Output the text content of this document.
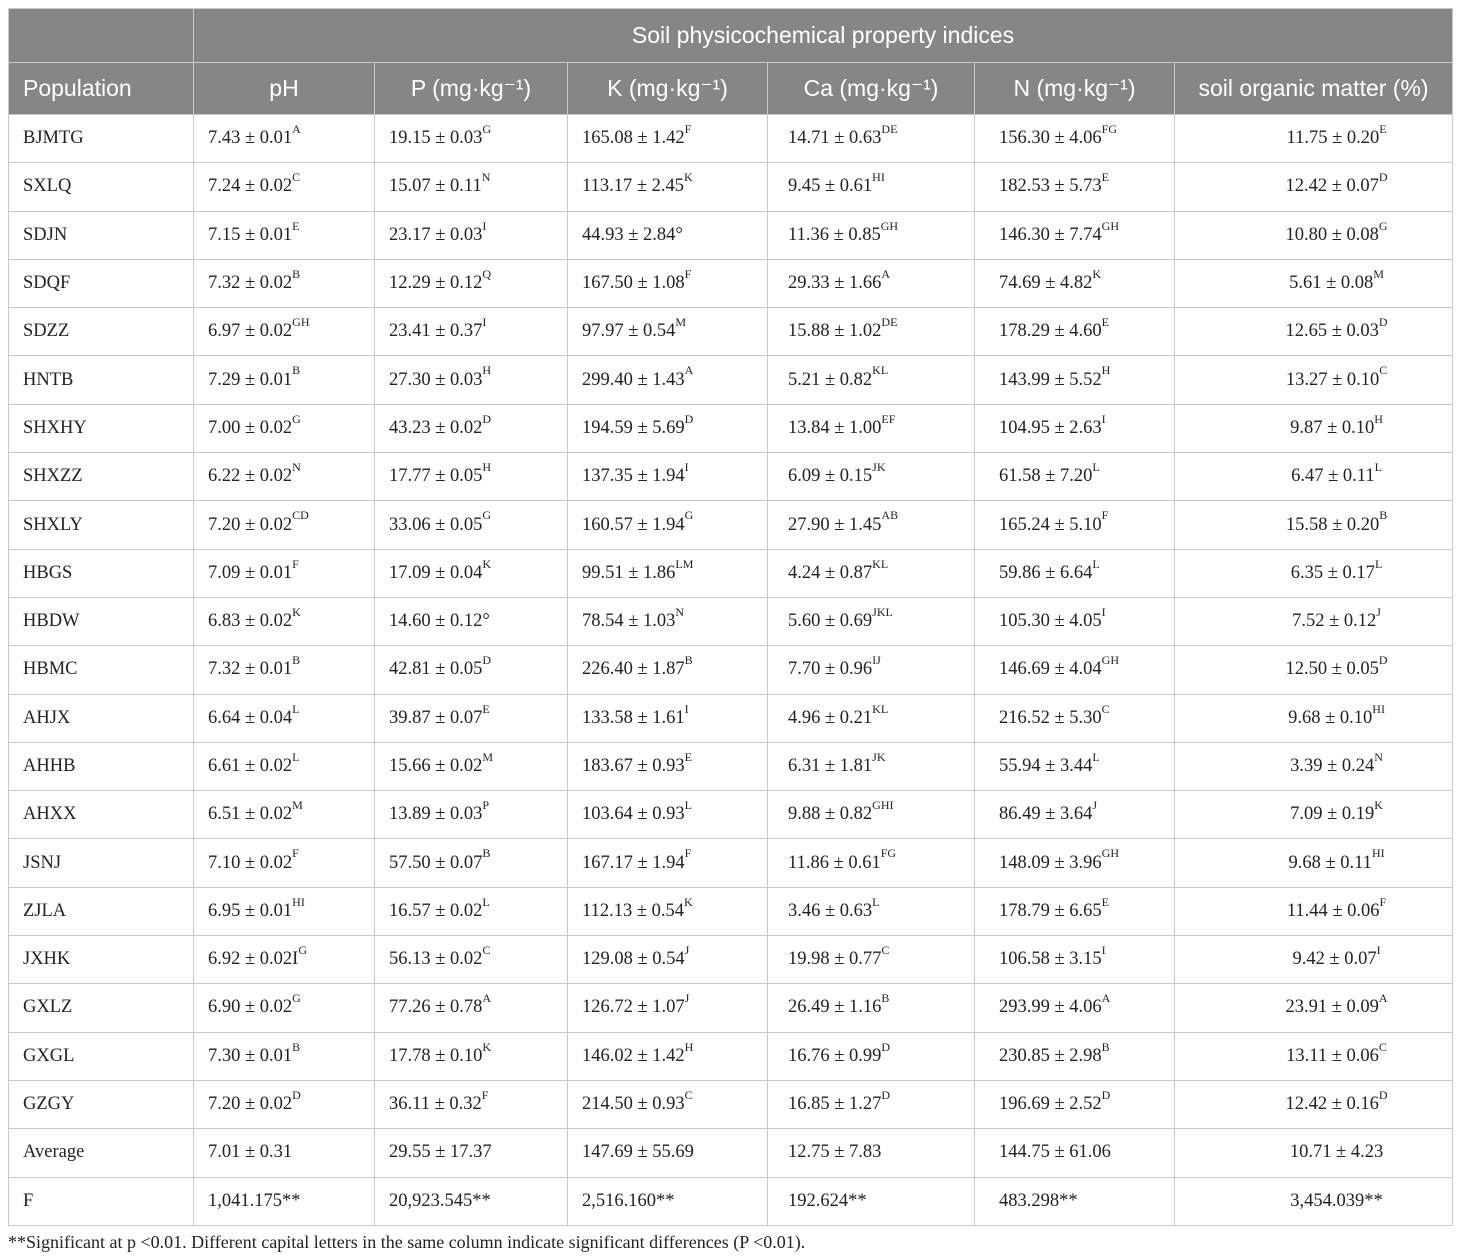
	Soil physicochemical property indices					
Population	pH	P (mg·kg⁻¹)	K (mg·kg⁻¹)	Ca (mg·kg⁻¹)	N (mg·kg⁻¹)	soil organic matter (%)
BJMTG	$7.43 \pm 0.01^A$	$19.15 \pm 0.03^G$	$165.08 \pm 1.42^F$	14.71 ± 0.63DE	$156.30 \pm 4.06^{FG}$	$11.75 \pm 0.20^E$
SXLQ	$7.24 \pm 0.02^C$	$15.07 \pm 0.11^N$	$113.17 \pm 2.45^K$	$9.45 \pm 0.61^{HI}$	$182.53 \pm 5.73^E$	$12.42 \pm 0.07^D$
SDJN	$7.15 \pm 0.01^E$	$23.17 \pm 0.03^I$	44.93 ± 2.84°	$11.36 \pm 0.85^{GH}$	$146.30 \pm 7.74^{GH}$	$10.80 \pm 0.08^G$
SDQF	$7.32 \pm 0.02^B$	$12.29 \pm 0.12^Q$	$167.50 \pm 1.08^F$	$29.33 \pm 1.66^A$	$74.69 \pm 4.82^K$	$5.61 \pm 0.08^M$
SDZZ	$6.97 \pm 0.02^{GH}$	$23.41 \pm 0.37^I$	$97.97 \pm 0.54^M$	15.88 ± 1.02DE	$178.29 \pm 4.60^E$	$12.65 \pm 0.03^D$
HNTB	$7.29 \pm 0.01^B$	$27.30 \pm 0.03^H$	$299.40 \pm 1.43^A$	$5.21 \pm 0.82^{KL}$	$143.99 \pm 5.52^H$	$13.27 \pm 0.10^C$
SHXHY	$7.00 \pm 0.02^G$	$43.23 \pm 0.02^D$	$194.59 \pm 5.69^D$	$13.84 \pm 1.00^{EF}$	$104.95 \pm 2.63^I$	$9.87 \pm 0.10^H$
SHXZZ	$6.22 \pm 0.02^N$	$17.77 \pm 0.05^H$	$137.35 \pm 1.94^I$	$6.09 \pm 0.15^{JK}$	$61.58 \pm 7.20^L$	$6.47 \pm 0.11^L$
SHXLY	$7.20 \pm 0.02^{CD}$	$33.06 \pm 0.05^G$	$160.57 \pm 1.94^G$	$27.90 \pm 1.45^{AB}$	$165.24 \pm 5.10^F$	$15.58 \pm 0.20^B$
HBGS	$7.09 \pm 0.01^F$	$17.09 \pm 0.04^K$	$99.51 \pm 1.86^{LM}$	$4.24 \pm 0.87^{KL}$	$59.86 \pm 6.64^L$	$6.35 \pm 0.17^L$
HBDW	$6.83 \pm 0.02^K$	14.60 ± 0.12°	$78.54 \pm 1.03^N$	$5.60 \pm 0.69^{JKL}$	$105.30 \pm 4.05^I$	$7.52 \pm 0.12^J$
HBMC	$7.32 \pm 0.01^B$	$42.81 \pm 0.05^D$	$226.40 \pm 1.87^B$	$7.70 \pm 0.96^{IJ}$	$146.69 \pm 4.04^{GH}$	$12.50 \pm 0.05^D$
AHJX	$6.64 \pm 0.04^L$	$39.87 \pm 0.07^E$	$133.58 \pm 1.61^I$	$4.96 \pm 0.21^{KL}$	$216.52 \pm 5.30^C$	$9.68 \pm 0.10^{HI}$
AHHB	$6.61 \pm 0.02^L$	$15.66 \pm 0.02^M$	$183.67 \pm 0.93^E$	$6.31 \pm 1.81^{JK}$	$55.94 \pm 3.44^L$	$3.39 \pm 0.24^N$
AHXX	$6.51 \pm 0.02^M$	$13.89 \pm 0.03^P$	$103.64 \pm 0.93^L$	$9.88 \pm 0.82^{GHI}$	$86.49 \pm 3.64^J$	$7.09 \pm 0.19^K$
JSNJ	$7.10 \pm 0.02^F$	$57.50 \pm 0.07^B$	$167.17 \pm 1.94^F$	$11.86 \pm 0.61^{FG}$	$148.09 \pm 3.96^{GH}$	$9.68 \pm 0.11^{HI}$
ZJLA	$6.95 \pm 0.01^{HI}$	$16.57 \pm 0.02^L$	$112.13 \pm 0.54^K$	$3.46 \pm 0.63^L$	$178.79 \pm 6.65^E$	$11.44 \pm 0.06^F$
JXHK	$6.92 \pm 0.02I^G$	$56.13 \pm 0.02^C$	$129.08 \pm 0.54^J$	$19.98 \pm 0.77^C$	$106.58 \pm 3.15^I$	$9.42 \pm 0.07^I$
GXLZ	$6.90 \pm 0.02^G$	$77.26 \pm 0.78^A$	$126.72 \pm 1.07^J$	$26.49 \pm 1.16^B$	$293.99 \pm 4.06^A$	$23.91 \pm 0.09^A$
GXGL	$7.30 \pm 0.01^B$	$17.78 \pm 0.10^K$	$146.02 \pm 1.42^H$	$16.76 \pm 0.99^D$	$230.85 \pm 2.98^B$	$13.11 \pm 0.06^C$
GZGY	$7.20 \pm 0.02^D$	$36.11 \pm 0.32^F$	$214.50 \pm 0.93^C$	$16.85 \pm 1.27^D$	$196.69 \pm 2.52^D$	$12.42 \pm 0.16^D$
Average	7.01 ± 0.31	29.55 ± 17.37	147.69 ± 55.69	12.75 ± 7.83	144.75 ± 61.06	10.71 ± 4.23
F	1,041.175**	20,923.545**	2,516.160**	192.624**	483.298**	3,454.039**
**Significant at p <0.01. Different capital letters in the same column indicate significant differences (P <0.01).
